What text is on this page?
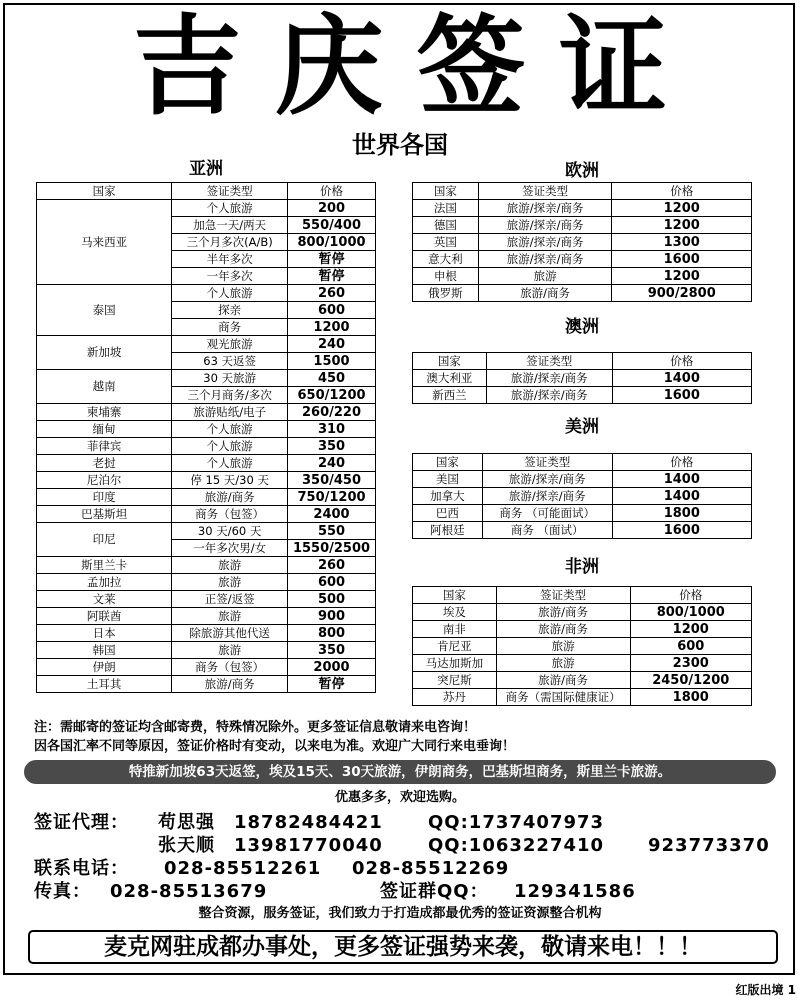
吉庆签证
世界各国
亚洲	欧洲
澳洲
美洲
非洲
国家	签证类型	价格
马来西亚	个人旅游	200
	加急一天/两天	550/400
	三个月多次(A/B)	800/1000
	半年多次	暂停
	一年多次	暂停
泰国	个人旅游	260
	探亲	600
	商务	1200
新加坡	观光旅游	240
	63 天返签	1500
越南	30 天旅游	450
	三个月商务/多次	650/1200
柬埔寨	旅游贴纸/电子	260/220
缅甸	个人旅游	310
菲律宾	个人旅游	350
老挝	个人旅游	240
尼泊尔	停 15 天/30 天	350/450
印度	旅游/商务	750/1200
巴基斯坦	商务（包签）	2400
印尼	30 天/60 天	550
	一年多次男/女	1550/2500
斯里兰卡	旅游	260
孟加拉	旅游	600
文莱	正签/返签	500
阿联酋	旅游	900
日本	除旅游其他代送	800
韩国	旅游	350
伊朗	商务（包签）	2000
土耳其	旅游/商务	暂停
国家	签证类型	价格
法国	旅游/探亲/商务	1200
德国	旅游/探亲/商务	1200
英国	旅游/探亲/商务	1300
意大利	旅游/探亲/商务	1600
申根	旅游	1200
俄罗斯	旅游/商务	900/2800
国家	签证类型	价格
澳大利亚	旅游/探亲/商务	1400
新西兰	旅游/探亲/商务	1600
国家	签证类型	价格
美国	旅游/探亲/商务	1400
加拿大	旅游/探亲/商务	1400
巴西	商务 （可能面试）	1800
阿根廷	商务 （面试）	1600
国家	签证类型	价格
埃及	旅游/商务	800/1000
南非	旅游/商务	1200
肯尼亚	旅游	600
马达加斯加	旅游	2300
突尼斯	旅游/商务	2450/1200
苏丹	商务（需国际健康证）	1800
注：需邮寄的签证均含邮寄费，特殊情况除外。更多签证信息敬请来电咨询！
因各国汇率不同等原因，签证价格时有变动，以来电为准。欢迎广大同行来电垂询！
特推新加坡63天返签，埃及15天、30天旅游，伊朗商务，巴基斯坦商务，斯里兰卡旅游。
优惠多多，欢迎选购。
签证代理： 苟思强 18782484421	QQ:1737407973
张天顺 13981770040	QQ:1063227410 923773370
联系电话： 028-85512261 028-85512269
传真： 028-85513679	签证群QQ： 129341586
整合资源，服务签证，我们致力于打造成都最优秀的签证资源整合机构
麦克网驻成都办事处，更多签证强势来袭，敬请来电！！！
红版出境 1
